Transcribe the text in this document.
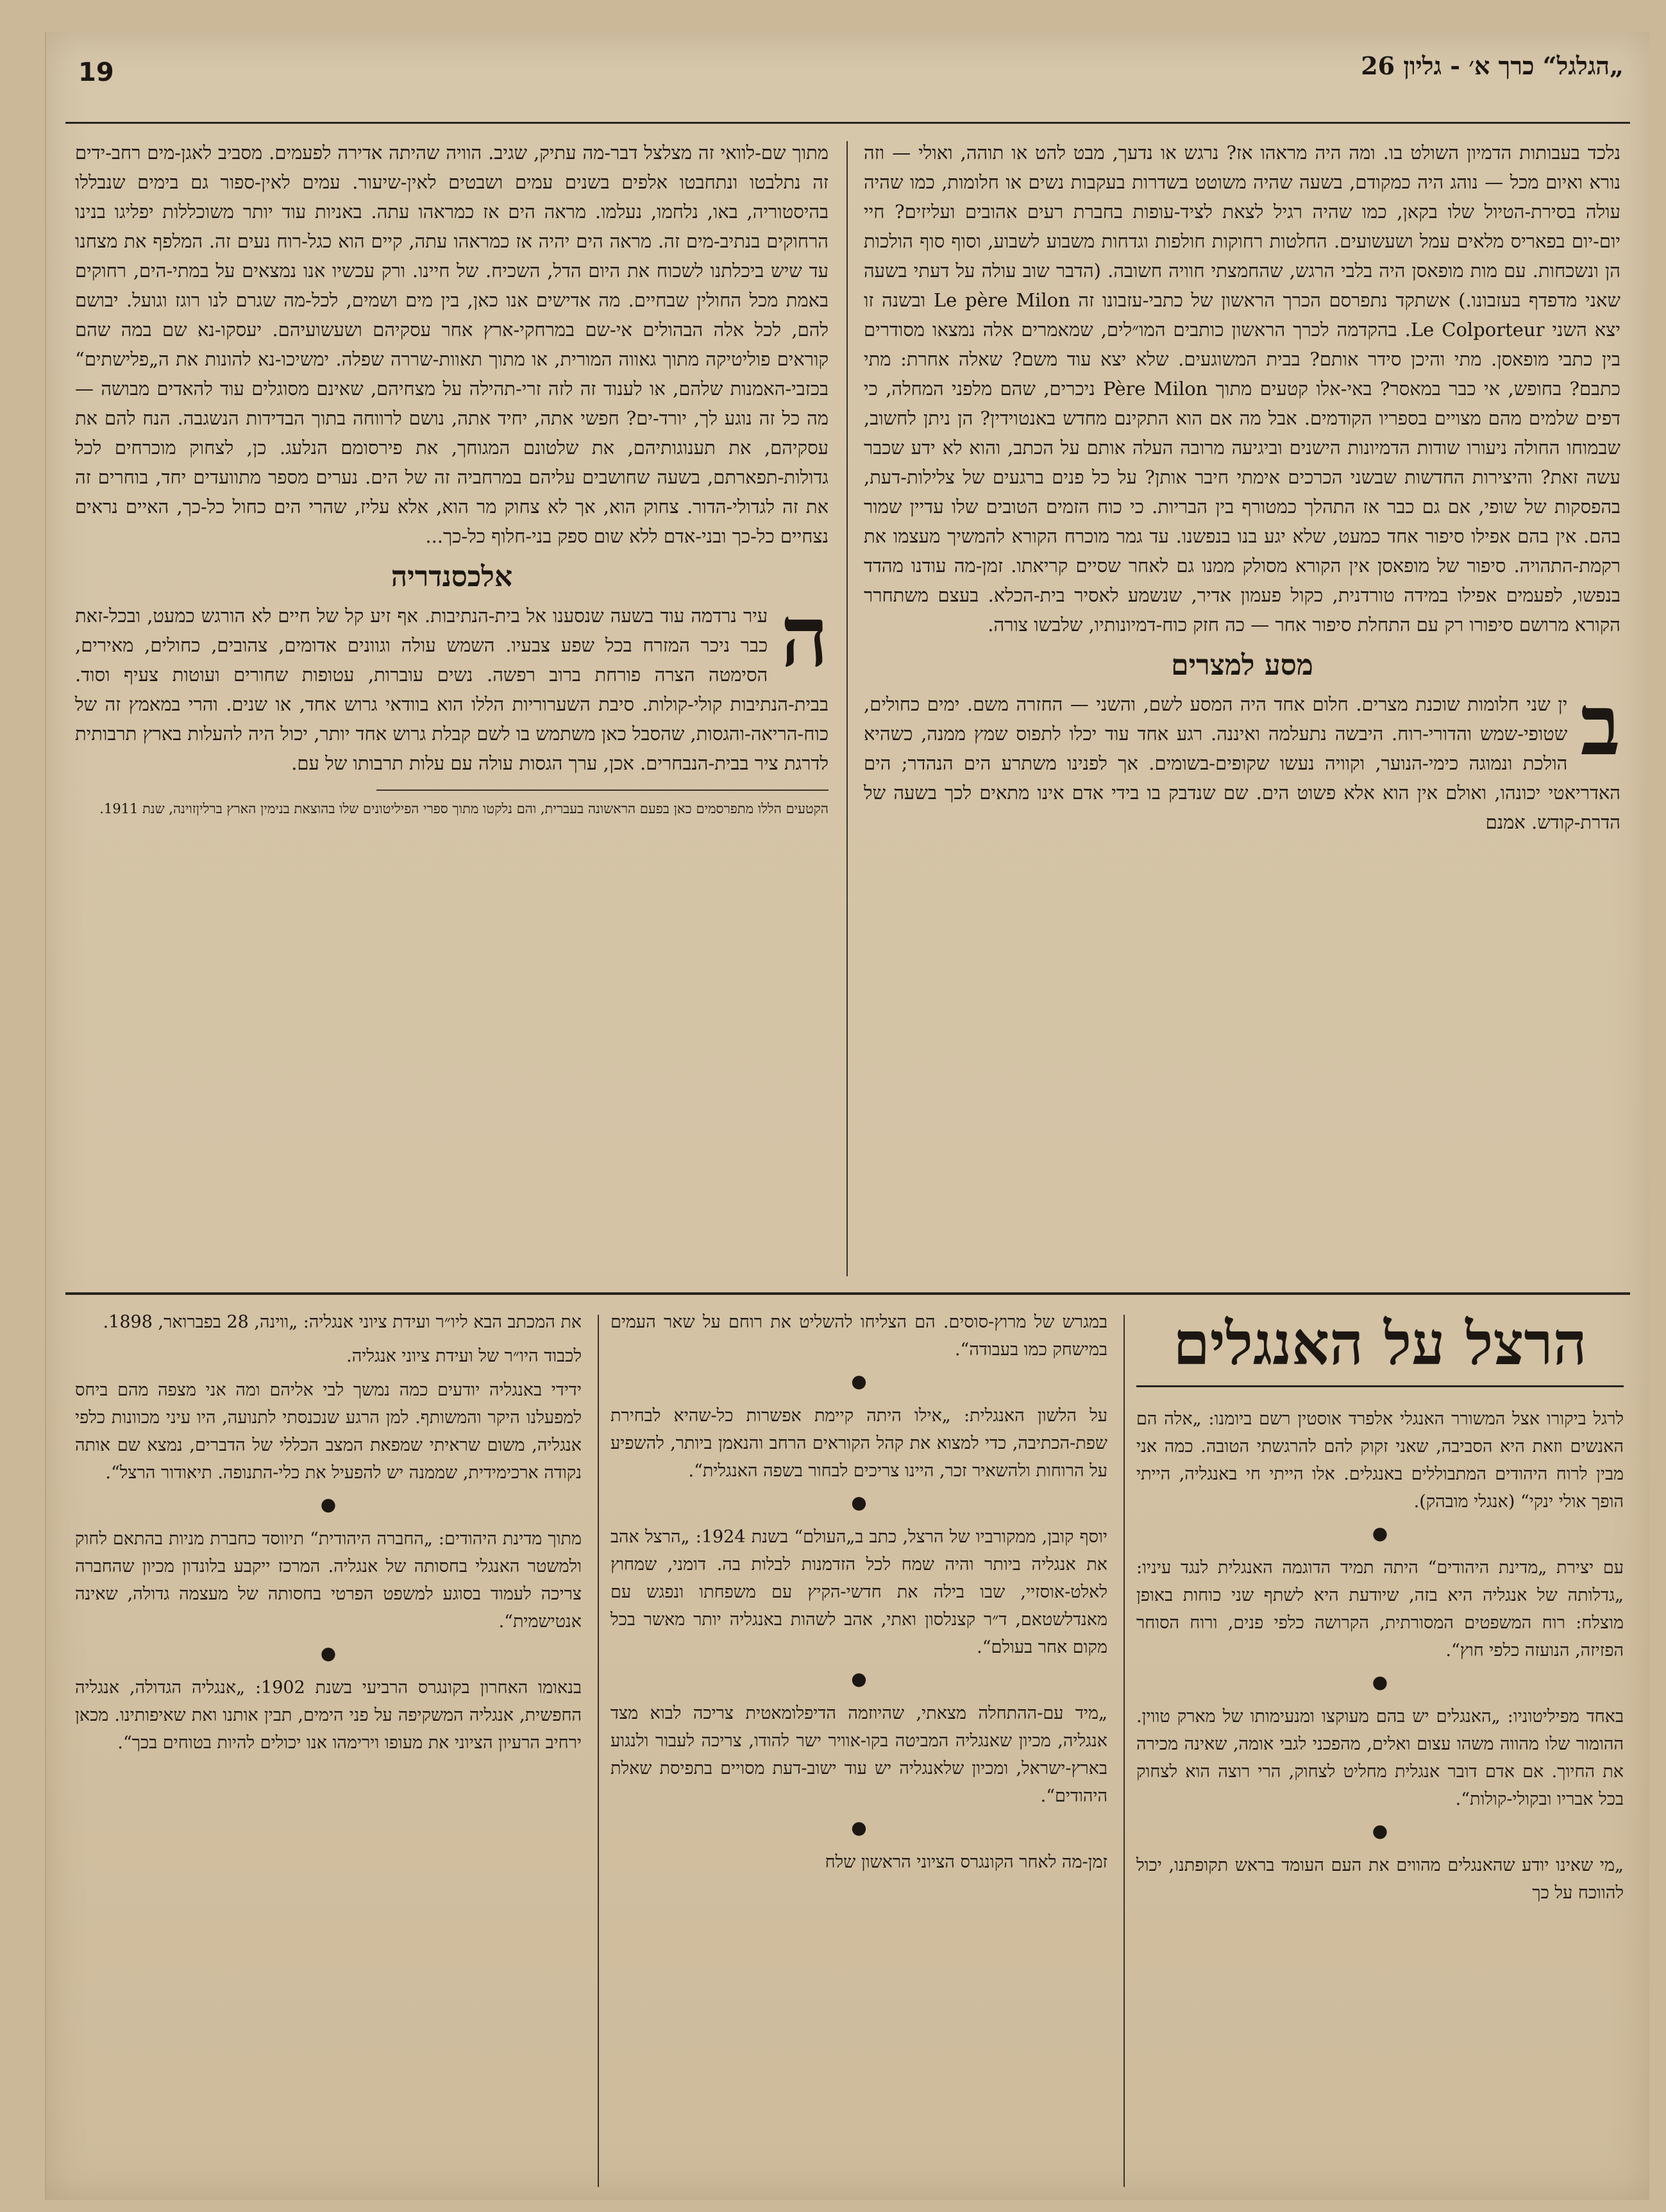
19	„הגלגל“ כרך א׳ - גליון 26

נלכד בעבותות הדמיון השולט בו. ומה היה מראהו אז? נרגש או נדעך, מבט להט או תוהה, ואולי — וזה נורא ואיום מכל — נוהג היה כמקודם, בשעה שהיה משוטט בשדרות בעקבות נשים או חלומות, כמו שהיה עולה בסירת-הטיול שלו בקאן, כמו שהיה רגיל לצאת לציד-עופות בחברת רעים אהובים ועליזים? חיי יום-יום בפאריס מלאים עמל ושעשועים. החלטות רחוקות חולפות וגדחות משבוע לשבוע, וסוף סוף הולכות הן ונשכחות. עם מות מופאסן היה בלבי הרגש, שהחמצתי חוויה חשובה. (הדבר שוב עולה על דעתי בשעה שאני מדפדף בעזבונו.) אשתקד נתפרסם הכרך הראשון של כתבי-עזבונו זה Le père Milon ובשנה זו יצא השני Le Colporteur. בהקדמה לכרך הראשון כותבים המו״לים, שמאמרים אלה נמצאו מסודרים בין כתבי מופאסן. מתי והיכן סידר אותם? בבית המשוגעים. שלא יצא עוד משם? שאלה אחרת: מתי כתבם? בחופש, אי כבר במאסר? באי-אלו קטעים מתוך Père Milon ניכרים, שהם מלפני המחלה, כי דפים שלמים מהם מצויים בספריו הקודמים. אבל מה אם הוא התקינם מחדש באנטוידין? הן ניתן לחשוב, שבמוחו החולה ניעורו שודות הדמיונות הישנים וביגיעה מרובה העלה אותם על הכתב, והוא לא ידע שכבר עשה זאת? והיצירות החדשות שבשני הכרכים אימתי חיבר אותן? על כל פנים ברגעים של צלילות-דעת, בהפסקות של שופי, אם גם כבר אז התהלך כמטורף בין הבריות. כי כוח הזמים הטובים שלו עדיין שמור בהם. אין בהם אפילו סיפור אחד כמעט, שלא יגע בנו בנפשנו. עד גמר מוכרח הקורא להמשיך מעצמו את רקמת-התהויה. סיפור של מופאסן אין הקורא מסולק ממנו גם לאחר שסיים קריאתו. זמן-מה עודנו מהדד בנפשו, לפעמים אפילו במידה טורדנית, כקול פעמון אדיר, שנשמע לאסיר בית-הכלא. בעצם משתחרר הקורא מרושם סיפורו רק עם התחלת סיפור אחר — כה חזק כוח-דמיונותיו, שלבשו צורה.

מסע למצרים

ב
ין שני חלומות שוכנת מצרים. חלום אחד היה המסע לשם, והשני — החזרה משם. ימים כחולים, שטופי-שמש והדורי-רוח. היבשה נתעלמה ואיננה. רגע אחד עוד יכלו לתפוס שמץ ממנה, כשהיא הולכת ונמוגה כימי-הנוער, וקוויה נעשו שקופים-בשומים. אך לפנינו משתרע הים הנהדר; הים האדריאטי יכונהו, ואולם אין הוא אלא פשוט הים. שם שנדבק בו בידי אדם אינו מתאים לכך בשעה של הדרת-קודש. אמנם

מתוך שם-לוואי זה מצלצל דבר-מה עתיק, שגיב. הוויה שהיתה אדירה לפעמים. מסביב לאגן-מים רחב-ידים זה נתלבטו ונתחבטו אלפים בשנים עמים ושבטים לאין-שיעור. עמים לאין-ספור גם בימים שנבללו בהיסטוריה, באו, נלחמו, נעלמו. מראה הים אז כמראהו עתה. באניות עוד יותר משוכללות יפליגו בנינו הרחוקים בנתיב-מים זה. מראה הים יהיה אז כמראהו עתה, קיים הוא כגל-רוח נעים זה. המלפף את מצחנו עד שיש ביכלתנו לשכוח את היום הדל, השכיח. של חיינו. ורק עכשיו אנו נמצאים על במתי-הים, רחוקים באמת מכל החולין שבחיים. מה אדישים אנו כאן, בין מים ושמים, לכל-מה שגרם לנו רוגז וגועל. יבושם להם, לכל אלה הבהולים אי-שם במרחקי-ארץ אחר עסקיהם ושעשועיהם. יעסקו-נא שם במה שהם קוראים פוליטיקה מתוך גאווה המורית, או מתוך תאוות-שררה שפלה. ימשיכו-נא להונות את ה„פלישתים“ בכזבי-האמנות שלהם, או לענוד זה לזה זרי-תהילה על מצחיהם, שאינם מסוגלים עוד להאדים מבושה — מה כל זה נוגע לך, יורד-ים? חפשי אתה, יחיד אתה, נושם לרווחה בתוך הבדידות הנשגבה. הנח להם את עסקיהם, את תענוגותיהם, את שלטונם המגוחך, את פירסומם הנלעג. כן, לצחוק מוכרחים לכל גדולות-תפארתם, בשעה שחושבים עליהם במרחביה זה של הים. נערים מספר מתוועדים יחד, בוחרים זה את זה לגדולי-הדור. צחוק הוא, אך לא צחוק מר הוא, אלא עליז, שהרי הים כחול כל-כך, האיים נראים נצחיים כל-כך ובני-אדם ללא שום ספק בני-חלוף כל-כך...

אלכסנדריה

ה
עיר נרדמה עוד בשעה שנסענו אל בית-הנתיבות. אף זיע קל של חיים לא הורגש כמעט, ובכל-זאת כבר ניכר המזרח בכל שפע צבעיו. השמש עולה וגוונים אדומים, צהובים, כחולים, מאירים, הסימטה הצרה פורחת ברוב רפשה. נשים עוברות, עטופות שחורים ועוטות צעיף וסוד. בבית-הנתיבות קולי-קולות. סיבת השערוריות הללו הוא בוודאי גרוש אחד, או שנים. והרי במאמץ זה של כוח-הריאה-והגסות, שהסבל כאן משתמש בו לשם קבלת גרוש אחד יותר, יכול היה להעלות בארץ תרבותית לדרגת ציר בבית-הנבחרים. אכן, ערך הגסות עולה עם עלות תרבותו של עם.

הקטעים הללו מתפרסמים כאן בפעם הראשונה בעברית, והם נלקטו מתוך ספרי הפיליטונים שלו בהוצאת בנימין הארץ ברליןזוינה, שנת 1911.

הרצל על האנגלים

לרגל ביקורו אצל המשורר האנגלי אלפרד אוסטין רשם ביומנו: „אלה הם האנשים וזאת היא הסביבה, שאני זקוק להם להרגשתי הטובה. כמה אני מבין לרוח היהודים המתבוללים באנגלים. אלו הייתי חי באנגליה, הייתי הופך אולי ינקי“ (אנגלי מובהק).

●

עם יצירת „מדינת היהודים“ היתה תמיד הדוגמה האנגלית לנגד עיניו: „גדלותה של אנגליה היא בזה, שיודעת היא לשתף שני כוחות באופן מוצלח: רוח המשפטים המסורתית, הקרושה כלפי פנים, ורוח הסוחר הפזיזה, הנועזה כלפי חוץ“.

●

באחד מפיליטוניו: „האנגלים יש בהם מעוקצו ומנעימותו של מארק טווין. ההומור שלו מהווה משהו עצום ואלים, מהפכני לגבי אומה, שאינה מכירה את החיוך. אם אדם דובר אנגלית מחליט לצחוק, הרי רוצה הוא לצחוק בכל אבריו ובקולי-קולות“.

●

„מי שאינו יודע שהאנגלים מהווים את העם העומד בראש תקופתנו, יכול להווכח על כך

במגרש של מרוץ-סוסים. הם הצליחו להשליט את רוחם על שאר העמים במישחק כמו בעבודה“.

●

על הלשון האנגלית: „אילו היתה קיימת אפשרות כל-שהיא לבחירת שפת-הכתיבה, כדי למצוא את קהל הקוראים הרחב והנאמן ביותר, להשפיע על הרוחות ולהשאיר זכר, היינו צריכים לבחור בשפה האנגלית“.

●

יוסף קובן, ממקורביו של הרצל, כתב ב„העולם“ בשנת 1924: „הרצל אהב את אנגליה ביותר והיה שמח לכל הזדמנות לבלות בה. דומני, שמחוץ לאלט-אוסזיי, שבו בילה את חדשי-הקיץ עם משפחתו ונפגש עם מאנדלשטאם, ד״ר קצנלסון ואתי, אהב לשהות באנגליה יותר מאשר בכל מקום אחר בעולם“.

●

„מיד עם-ההתחלה מצאתי, שהיוזמה הדיפלומאטית צריכה לבוא מצד אנגליה, מכיון שאנגליה המביטה בקו-אוויר ישר להודו, צריכה לעבור ולנגוע בארץ-ישראל, ומכיון שלאנגליה יש עוד ישוב-דעת מסויים בתפיסת שאלת היהודים“.

●

זמן-מה לאחר הקונגרס הציוני הראשון שלח

את המכתב הבא ליו״ר ועידת ציוני אנגליה: „ווינה, 28 בפברואר, 1898.

לכבוד היו״ר של ועידת ציוני אנגליה.

ידידי באנגליה יודעים כמה נמשך לבי אליהם ומה אני מצפה מהם ביחס למפעלנו היקר והמשותף. למן הרגע שנכנסתי לתנועה, היו עיני מכוונות כלפי אנגליה, משום שראיתי שמפאת המצב הכללי של הדברים, נמצא שם אותה נקודה ארכימידית, שממנה יש להפעיל את כלי-התנופה. תיאודור הרצל“.

●

מתוך מדינת היהודים: „החברה היהודית“ תיווסד כחברת מניות בהתאם לחוק ולמשטר האנגלי בחסותה של אנגליה. המרכז ייקבע בלונדון מכיון שהחברה צריכה לעמוד בסוגע למשפט הפרטי בחסותה של מעצמה גדולה, שאינה אנטישמית“.

●

בנאומו האחרון בקונגרס הרביעי בשנת 1902: „אנגליה הגדולה, אנגליה החפשית, אנגליה המשקיפה על פני הימים, תבין אותנו ואת שאיפותינו. מכאן ירחיב הרעיון הציוני את מעופו וירימהו אנו יכולים להיות בטוחים בכך“.
